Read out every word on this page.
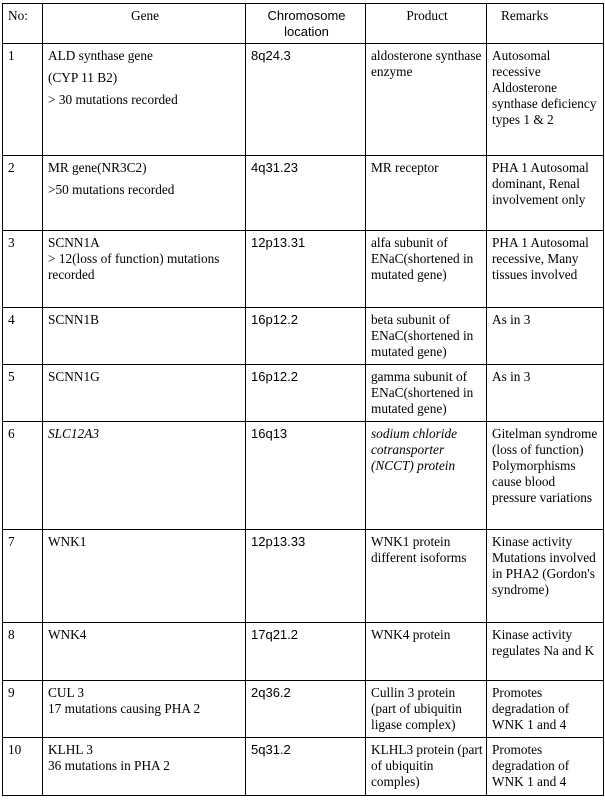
No:	Gene	Chromosome location	Product	Remarks
1	ALD synthase gene
(CYP 11 B2)
> 30 mutations recorded	8q24.3	aldosterone synthase enzyme	Autosomal recessive Aldosterone synthase deficiency types 1 & 2
2	MR gene(NR3C2)
>50 mutations recorded	4q31.23	MR receptor	PHA 1 Autosomal dominant, Renal involvement only
3	SCNN1A
> 12(loss of function) mutations recorded	12p13.31	alfa subunit of ENaC(shortened in mutated gene)	PHA 1 Autosomal recessive, Many tissues involved
4	SCNN1B	16p12.2	beta subunit of ENaC(shortened in mutated gene)	As in 3
5	SCNN1G	16p12.2	gamma subunit of ENaC(shortened in mutated gene)	As in 3
6	SLC12A3	16q13	sodium chloride cotransporter (NCCT) protein	Gitelman syndrome (loss of function) Polymorphisms cause blood pressure variations
7	WNK1	12p13.33	WNK1 protein different isoforms	Kinase activity Mutations involved in PHA2 (Gordon's syndrome)
8	WNK4	17q21.2	WNK4 protein	Kinase activity regulates Na and K
9	CUL 3
17 mutations causing PHA 2	2q36.2	Cullin 3 protein (part of ubiquitin ligase complex)	Promotes degradation of WNK 1 and 4
10	KLHL 3
36 mutations in PHA 2	5q31.2	KLHL3 protein (part of ubiquitin comples)	Promotes degradation of WNK 1 and 4
